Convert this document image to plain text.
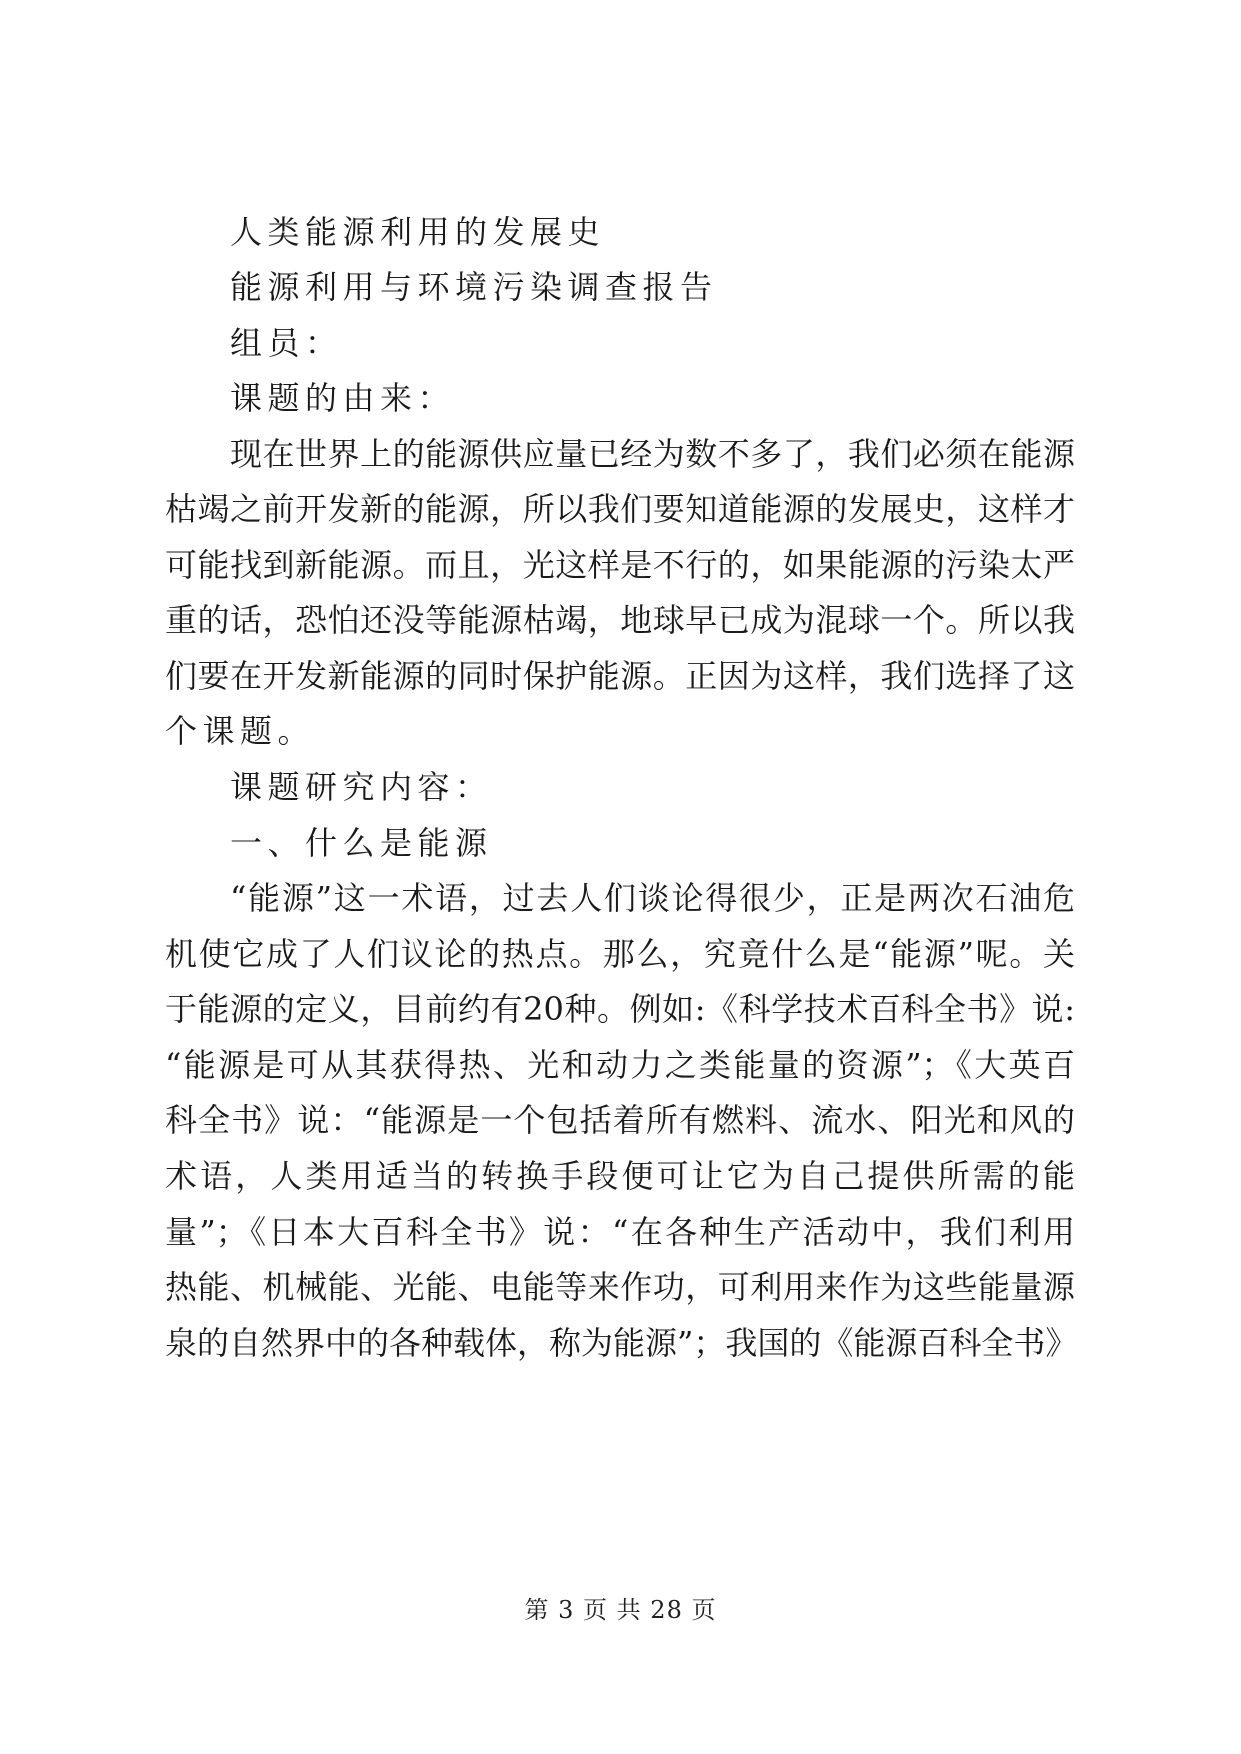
人类能源利用的发展史
能源利用与环境污染调查报告
组员：
课题的由来：
现在世界上的能源供应量已经为数不多了，我们必须在能源
枯竭之前开发新的能源，所以我们要知道能源的发展史，这样才
可能找到新能源。而且，光这样是不行的，如果能源的污染太严
重的话，恐怕还没等能源枯竭，地球早已成为混球一个。所以我
们要在开发新能源的同时保护能源。正因为这样，我们选择了这
个课题。
课题研究内容：
一、什么是能源
“能源”这一术语，过去人们谈论得很少，正是两次石油危
机使它成了人们议论的热点。那么，究竟什么是“能源”呢。关
于能源的定义，目前约有20种。例如:《科学技术百科全书》说:
“能源是可从其获得热、光和动力之类能量的资源”；《大英百
科全书》说：“能源是一个包括着所有燃料、流水、阳光和风的
术语，人类用适当的转换手段便可让它为自己提供所需的能
量”；《日本大百科全书》说：“在各种生产活动中，我们利用
热能、机械能、光能、电能等来作功，可利用来作为这些能量源
泉的自然界中的各种载体，称为能源”；我国的《能源百科全书》
第 3 页 共 28 页
